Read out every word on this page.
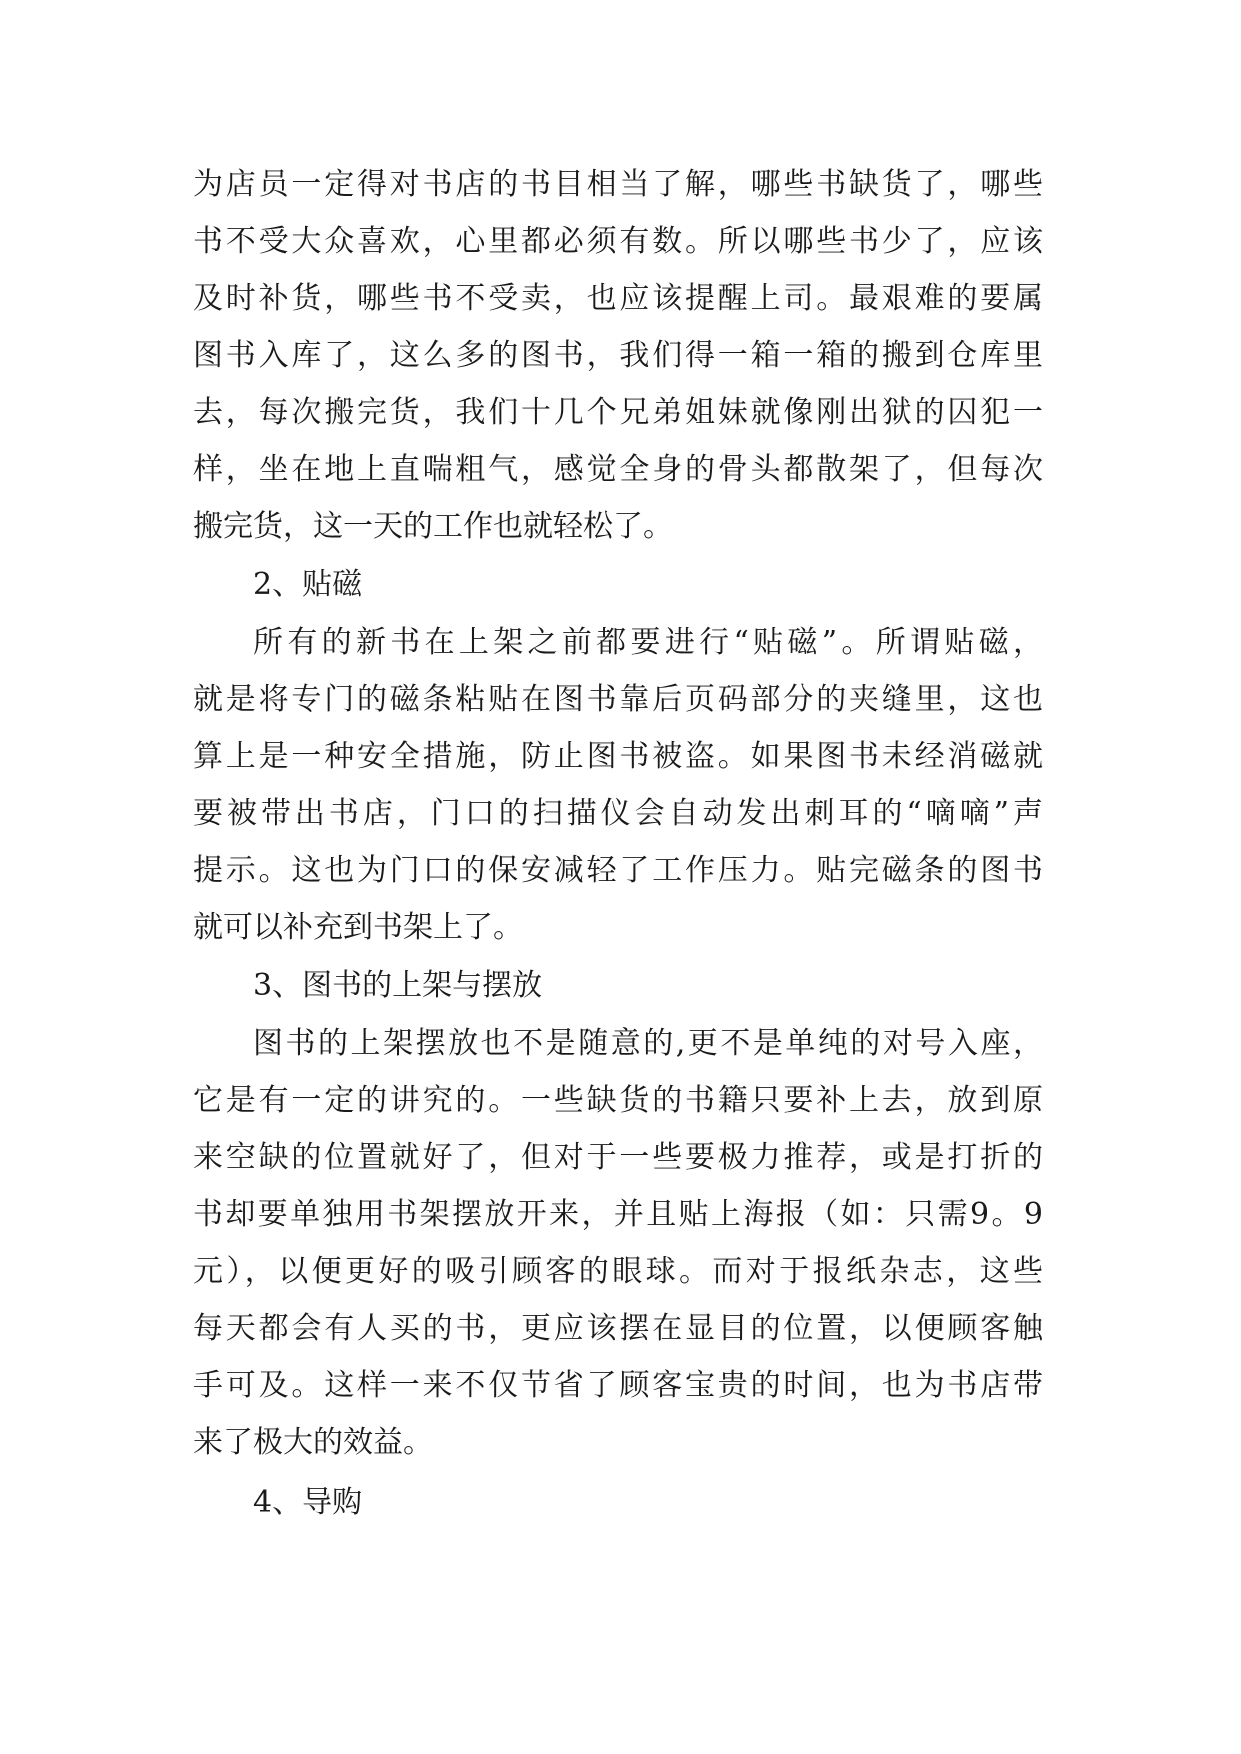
为店员一定得对书店的书目相当了解，哪些书缺货了，哪些
书不受大众喜欢，心里都必须有数。所以哪些书少了，应该
及时补货，哪些书不受卖，也应该提醒上司。最艰难的要属
图书入库了，这么多的图书，我们得一箱一箱的搬到仓库里
去，每次搬完货，我们十几个兄弟姐妹就像刚出狱的囚犯一
样，坐在地上直喘粗气，感觉全身的骨头都散架了，但每次
搬完货，这一天的工作也就轻松了。
2、贴磁
所有的新书在上架之前都要进行“贴磁”。所谓贴磁，
就是将专门的磁条粘贴在图书靠后页码部分的夹缝里，这也
算上是一种安全措施，防止图书被盗。如果图书未经消磁就
要被带出书店，门口的扫描仪会自动发出刺耳的“嘀嘀”声
提示。这也为门口的保安减轻了工作压力。贴完磁条的图书
就可以补充到书架上了。
3、图书的上架与摆放
图书的上架摆放也不是随意的,更不是单纯的对号入座，
它是有一定的讲究的。一些缺货的书籍只要补上去，放到原
来空缺的位置就好了，但对于一些要极力推荐，或是打折的
书却要单独用书架摆放开来，并且贴上海报（如：只需9。9
元），以便更好的吸引顾客的眼球。而对于报纸杂志，这些
每天都会有人买的书，更应该摆在显目的位置，以便顾客触
手可及。这样一来不仅节省了顾客宝贵的时间，也为书店带
来了极大的效益。
4、导购
